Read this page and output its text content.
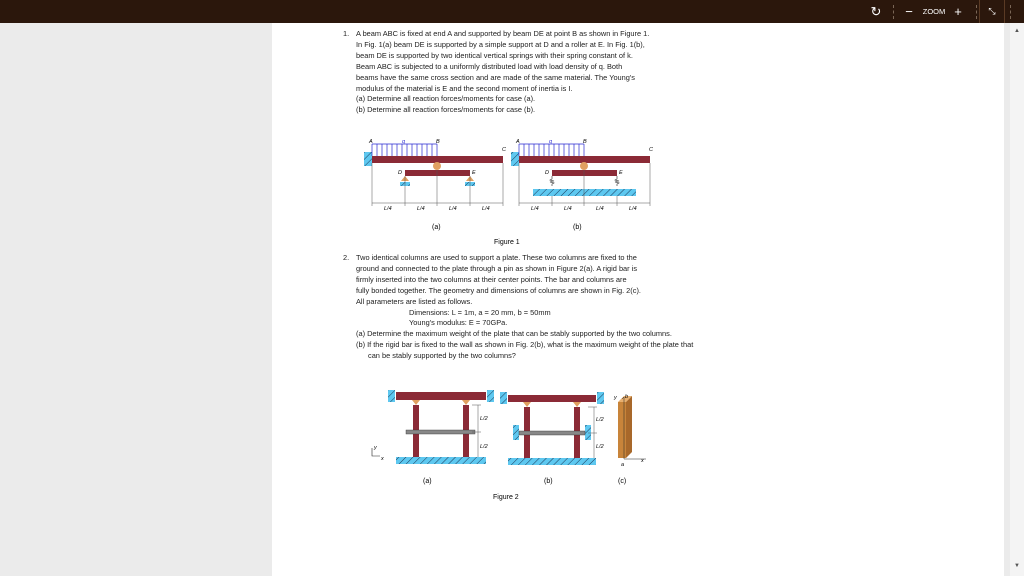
↻	−	ZOOM +	⤡
▲
▼
1. A beam ABC is fixed at end A and supported by beam DE at point B as shown in Figure 1.
In Fig. 1(a) beam DE is supported by a simple support at D and a roller at E. In Fig. 1(b),
beam DE is supported by two identical vertical springs with their spring constant of k.
Beam ABC is subjected to a uniformly distributed load with load density of q. Both
beams have the same cross section and are made of the same material. The Young's
modulus of the material is E and the second moment of inertia is I.
(a) Determine all reaction forces/moments for case (a).
(b) Determine all reaction forces/moments for case (b).
2. Two identical columns are used to support a plate. These two columns are fixed to the
ground and connected to the plate through a pin as shown in Figure 2(a). A rigid bar is
firmly inserted into the two columns at their center points. The bar and columns are
fully bonded together. The geometry and dimensions of columns are shown in Fig. 2(c).
All parameters are listed as follows.
Dimensions: L = 1m, a = 20 mm, b = 50mm
Young's modulus: E = 70GPa.
(a) Determine the maximum weight of the plate that can be stably supported by the two columns.
(b) If the rigid bar is fixed to the wall as shown in Fig. 2(b), what is the maximum weight of the plate that can be stably supported by the two columns?
A	q	B
C
D	E
L/4	L/4	L/4	L/4
(a)
A	q	B
C
D	E
L/4	L/4	L/4	L/4
(b)
Figure 1
L/2
L/2
y
x
(a)
L/2
L/2
(b)
y b
x
a
(c)
Figure 2
